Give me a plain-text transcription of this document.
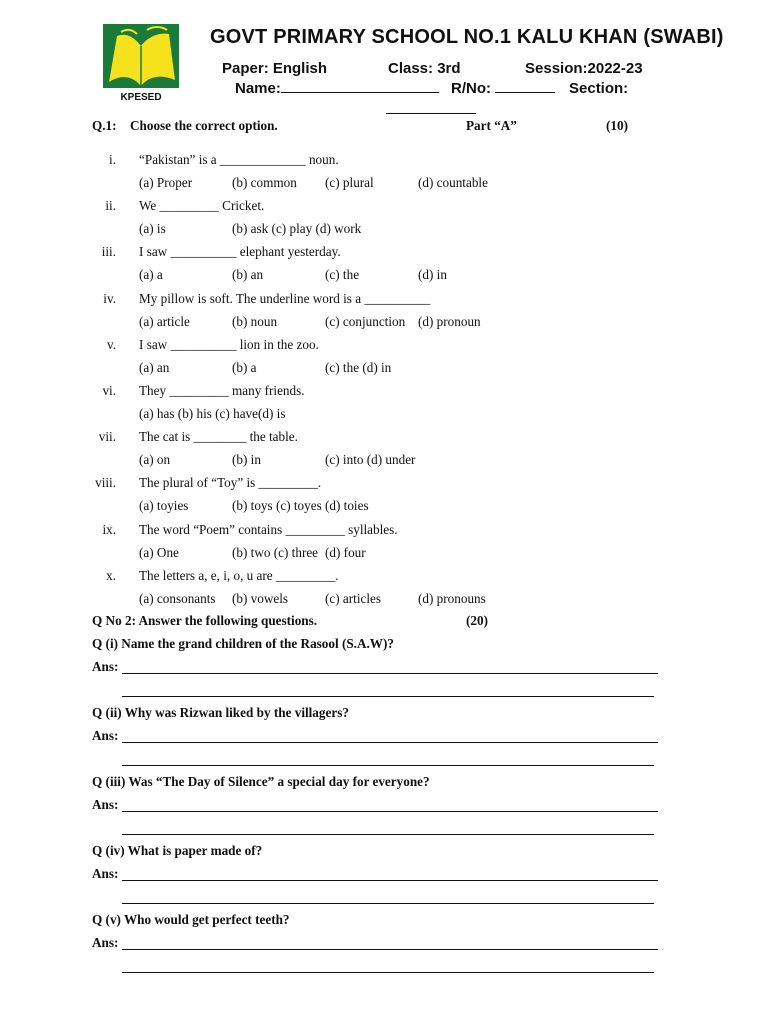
KPESED
GOVT PRIMARY SCHOOL NO.1 KALU KHAN (SWABI)
Paper: English	Class: 3rd	Session:2022-23
Name:	R/No:	Section:
Q.1: Choose the correct option.	Part “A”	(10)
i. “Pakistan” is a _____________ noun.
(a) Proper	(b) common (c) plural	(d) countable
ii. We _________ Cricket.
(a) is	(b) ask (c) play (d) work
iii. I saw __________ elephant yesterday.
(a) a	(b) an	(c) the	(d) in
iv. My pillow is soft. The underline word is a __________
(a) article	(b) noun	(c) conjunction (d) pronoun
v. I saw __________ lion in the zoo.
(a) an	(b) a	(c) the (d) in
vi. They _________ many friends.
(a) has (b) his (c) have(d) is
vii. The cat is ________ the table.
(a) on	(b) in	(c) into (d) under
viii. The plural of “Toy” is _________.
(a) toyies	(b) toys (c) toyes (d) toies
ix. The word “Poem” contains _________ syllables.
(a) One	(b) two (c) three (d) four
x. The letters a, e, i, o, u are _________.
(a) consonants (b) vowels	(c) articles	(d) pronouns
Q No 2: Answer the following questions.	(20)
Q (i) Name the grand children of the Rasool (S.A.W)?
Ans:
Q (ii) Why was Rizwan liked by the villagers?
Ans:
Q (iii) Was “The Day of Silence” a special day for everyone?
Ans:
Q (iv) What is paper made of?
Ans:
Q (v) Who would get perfect teeth?
Ans:
